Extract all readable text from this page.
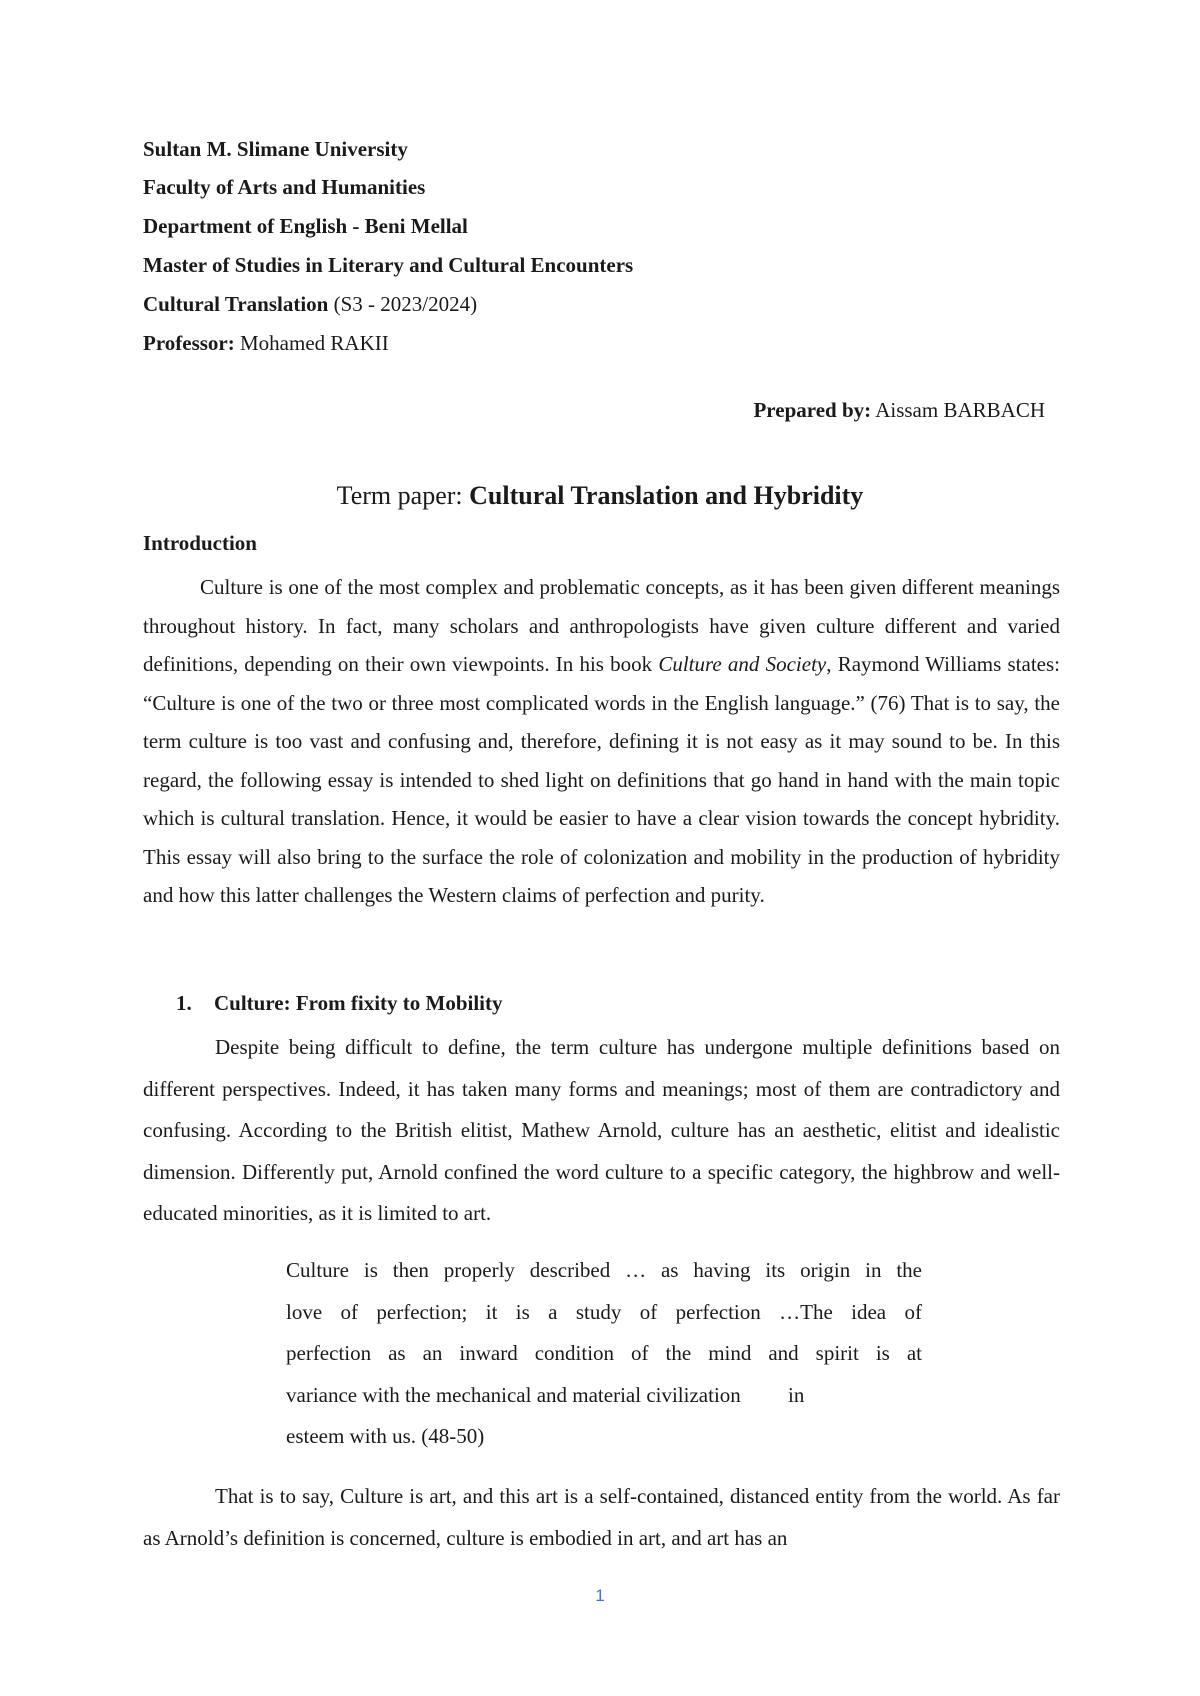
Sultan M. Slimane University
Faculty of Arts and Humanities
Department of English - Beni Mellal
Master of Studies in Literary and Cultural Encounters
Cultural Translation (S3 - 2023/2024)
Professor: Mohamed RAKII
Prepared by: Aissam BARBACH
Term paper: Cultural Translation and Hybridity
Introduction

Culture is one of the most complex and problematic concepts, as it has been given different meanings throughout history. In fact, many scholars and anthropologists have given culture different and varied definitions, depending on their own viewpoints. In his book Culture and Society, Raymond Williams states: “Culture is one of the two or three most complicated words in the English language.” (76) That is to say, the term culture is too vast and confusing and, therefore, defining it is not easy as it may sound to be. In this regard, the following essay is intended to shed light on definitions that go hand in hand with the main topic which is cultural translation. Hence, it would be easier to have a clear vision towards the concept hybridity. This essay will also bring to the surface the role of colonization and mobility in the production of hybridity and how this latter challenges the Western claims of perfection and purity.

1. Culture: From fixity to Mobility

Despite being difficult to define, the term culture has undergone multiple definitions based on different perspectives. Indeed, it has taken many forms and meanings; most of them are contradictory and confusing. According to the British elitist, Mathew Arnold, culture has an aesthetic, elitist and idealistic dimension. Differently put, Arnold confined the word culture to a specific category, the highbrow and well-educated minorities, as it is limited to art.

Culture is then properly described … as having its origin in the
love of perfection; it is a study of perfection …The idea of
perfection as an inward condition of the mind and spirit is at
variance with the mechanical and material civilization         in
esteem with us. (48-50)

That is to say, Culture is art, and this art is a self-contained, distanced entity from the world. As far as Arnold’s definition is concerned, culture is embodied in art, and art has an

1
